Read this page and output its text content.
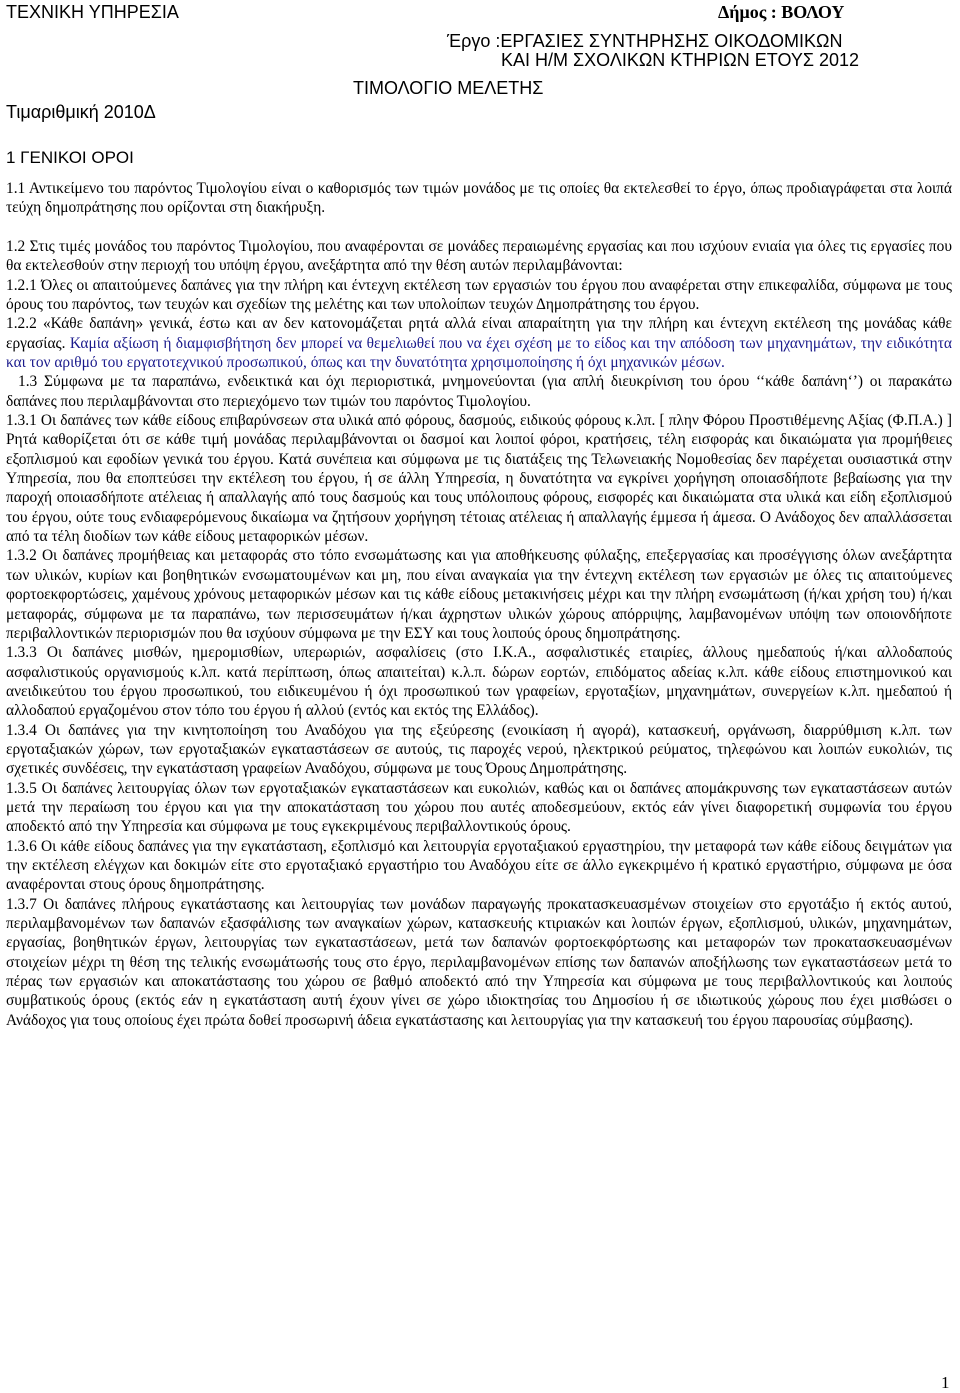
ΤΕΧΝΙΚΗ ΥΠΗΡΕΣΙΑ	Δήμος : ΒΟΛΟΥ
Έργο :ΕΡΓΑΣΙΕΣ ΣΥΝΤΗΡΗΣΗΣ ΟΙΚΟΔΟΜΙΚΩΝ
ΚΑΙ Η/Μ ΣΧΟΛΙΚΩΝ ΚΤΗΡΙΩΝ ΕΤΟΥΣ 2012
ΤΙΜΟΛΟΓΙΟ ΜΕΛΕΤΗΣ
Τιμαριθμική 2010Δ
1 ΓΕΝΙΚΟΙ ΟΡΟΙ

1.1 Αντικείμενο του παρόντος Τιμολογίου είναι ο καθορισμός των τιμών μονάδος με τις οποίες θα εκτελεσθεί το έργο, όπως προδιαγράφεται στα λοιπά τεύχη δημοπράτησης που ορίζονται στη διακήρυξη.

1.2 Στις τιμές μονάδος του παρόντος Τιμολογίου, που αναφέρονται σε μονάδες περαιωμένης εργασίας και που ισχύουν ενιαία για όλες τις εργασίες που θα εκτελεσθούν στην περιοχή του υπόψη έργου, ανεξάρτητα από την θέση αυτών περιλαμβάνονται:

1.2.1 Όλες οι απαιτούμενες δαπάνες για την πλήρη και έντεχνη εκτέλεση των εργασιών του έργου που αναφέρεται στην επικεφαλίδα, σύμφωνα με τους όρους του παρόντος, των τευχών και σχεδίων της μελέτης και των υπολοίπων τευχών Δημοπράτησης του έργου.

1.2.2 «Κάθε δαπάνη» γενικά, έστω και αν δεν κατονομάζεται ρητά αλλά είναι απαραίτητη για την πλήρη και έντεχνη εκτέλεση της μονάδας κάθε εργασίας. Καμία αξίωση ή διαμφισβήτηση δεν μπορεί να θεμελιωθεί που να έχει σχέση με το είδος και την απόδοση των μηχανημάτων, την ειδικότητα και τον αριθμό του εργατοτεχνικού προσωπικού, όπως και την δυνατότητα χρησιμοποίησης ή όχι μηχανικών μέσων.

1.3 Σύμφωνα με τα παραπάνω, ενδεικτικά και όχι περιοριστικά, μνημονεύονται (για απλή διευκρίνιση του όρου ‘‘κάθε δαπάνη‘’) οι παρακάτω δαπάνες που περιλαμβάνονται στο περιεχόμενο των τιμών του παρόντος Τιμολογίου.

1.3.1 Οι δαπάνες των κάθε είδους επιβαρύνσεων στα υλικά από φόρους, δασμούς, ειδικούς φόρους κ.λπ. [ πλην Φόρου Προστιθέμενης Αξίας (Φ.Π.Α.) ] Ρητά καθορίζεται ότι σε κάθε τιμή μονάδας περιλαμβάνονται οι δασμοί και λοιποί φόροι, κρατήσεις, τέλη εισφοράς και δικαιώματα για προμήθειες εξοπλισμού και εφοδίων γενικά του έργου. Κατά συνέπεια και σύμφωνα με τις διατάξεις της Τελωνειακής Νομοθεσίας δεν παρέχεται ουσιαστικά στην Υπηρεσία, που θα εποπτεύσει την εκτέλεση του έργου, ή σε άλλη Υπηρεσία, η δυνατότητα να εγκρίνει χορήγηση οποιασδήποτε βεβαίωσης για την παροχή οποιασδήποτε ατέλειας ή απαλλαγής από τους δασμούς και τους υπόλοιπους φόρους, εισφορές και δικαιώματα στα υλικά και είδη εξοπλισμού του έργου, ούτε τους ενδιαφερόμενους δικαίωμα να ζητήσουν χορήγηση τέτοιας ατέλειας ή απαλλαγής έμμεσα ή άμεσα. Ο Ανάδοχος δεν απαλλάσσεται από τα τέλη διοδίων των κάθε είδους μεταφορικών μέσων.

1.3.2 Οι δαπάνες προμήθειας και μεταφοράς στο τόπο ενσωμάτωσης και για αποθήκευσης φύλαξης, επεξεργασίας και προσέγγισης όλων ανεξάρτητα των υλικών, κυρίων και βοηθητικών ενσωματουμένων και μη, που είναι αναγκαία για την έντεχνη εκτέλεση των εργασιών με όλες τις απαιτούμενες φορτοεκφορτώσεις, χαμένους χρόνους μεταφορικών μέσων και τις κάθε είδους μετακινήσεις μέχρι και την πλήρη ενσωμάτωση (ή/και χρήση του) ή/και μεταφοράς, σύμφωνα με τα παραπάνω, των περισσευμάτων ή/και άχρηστων υλικών χώρους απόρριψης, λαμβανομένων υπόψη των οποιονδήποτε περιβαλλοντικών περιορισμών που θα ισχύουν σύμφωνα με την ΕΣΥ και τους λοιπούς όρους δημοπράτησης.

1.3.3 Οι δαπάνες μισθών, ημερομισθίων, υπερωριών, ασφαλίσεις (στο Ι.Κ.Α., ασφαλιστικές εταιρίες, άλλους ημεδαπούς ή/και αλλοδαπούς ασφαλιστικούς οργανισμούς κ.λπ. κατά περίπτωση, όπως απαιτείται) κ.λ.π. δώρων εορτών, επιδόματος αδείας κ.λπ. κάθε είδους επιστημονικού και ανειδικεύτου του έργου προσωπικού, του ειδικευμένου ή όχι προσωπικού των γραφείων, εργοταξίων, μηχανημάτων, συνεργείων κ.λπ. ημεδαπού ή αλλοδαπού εργαζομένου στον τόπο του έργου ή αλλού (εντός και εκτός της Ελλάδος).

1.3.4 Οι δαπάνες για την κινητοποίηση του Αναδόχου για της εξεύρεσης (ενοικίαση ή αγορά), κατασκευή, οργάνωση, διαρρύθμιση κ.λπ. των εργοταξιακών χώρων, των εργοταξιακών εγκαταστάσεων σε αυτούς, τις παροχές νερού, ηλεκτρικού ρεύματος, τηλεφώνου και λοιπών ευκολιών, τις σχετικές συνδέσεις, την εγκατάσταση γραφείων Αναδόχου, σύμφωνα με τους Όρους Δημοπράτησης.

1.3.5 Οι δαπάνες λειτουργίας όλων των εργοταξιακών εγκαταστάσεων και ευκολιών, καθώς και οι δαπάνες απομάκρυνσης των εγκαταστάσεων αυτών μετά την περαίωση του έργου και για την αποκατάσταση του χώρου που αυτές αποδεσμεύουν, εκτός εάν γίνει διαφορετική συμφωνία του έργου αποδεκτό από την Υπηρεσία και σύμφωνα με τους εγκεκριμένους περιβαλλοντικούς όρους.

1.3.6 Οι κάθε είδους δαπάνες για την εγκατάσταση, εξοπλισμό και λειτουργία εργοταξιακού εργαστηρίου, την μεταφορά των κάθε είδους δειγμάτων για την εκτέλεση ελέγχων και δοκιμών είτε στο εργοταξιακό εργαστήριο του Αναδόχου είτε σε άλλο εγκεκριμένο ή κρατικό εργαστήριο, σύμφωνα με όσα αναφέρονται στους όρους δημοπράτησης.

1.3.7 Οι δαπάνες πλήρους εγκατάστασης και λειτουργίας των μονάδων παραγωγής προκατασκευασμένων στοιχείων στο εργοτάξιο ή εκτός αυτού, περιλαμβανομένων των δαπανών εξασφάλισης των αναγκαίων χώρων, κατασκευής κτιριακών και λοιπών έργων, εξοπλισμού, υλικών, μηχανημάτων, εργασίας, βοηθητικών έργων, λειτουργίας των εγκαταστάσεων, μετά των δαπανών φορτοεκφόρτωσης και μεταφορών των προκατασκευασμένων στοιχείων μέχρι τη θέση της τελικής ενσωμάτωσής τους στο έργο, περιλαμβανομένων επίσης των δαπανών αποξήλωσης των εγκαταστάσεων μετά το πέρας των εργασιών και αποκατάστασης του χώρου σε βαθμό αποδεκτό από την Υπηρεσία και σύμφωνα με τους περιβαλλοντικούς και λοιπούς συμβατικούς όρους (εκτός εάν η εγκατάσταση αυτή έχουν γίνει σε χώρο ιδιοκτησίας του Δημοσίου ή σε ιδιωτικούς χώρους που έχει μισθώσει ο Ανάδοχος για τους οποίους έχει πρώτα δοθεί προσωρινή άδεια εγκατάστασης και λειτουργίας για την κατασκευή του έργου παρουσίας σύμβασης).

1
